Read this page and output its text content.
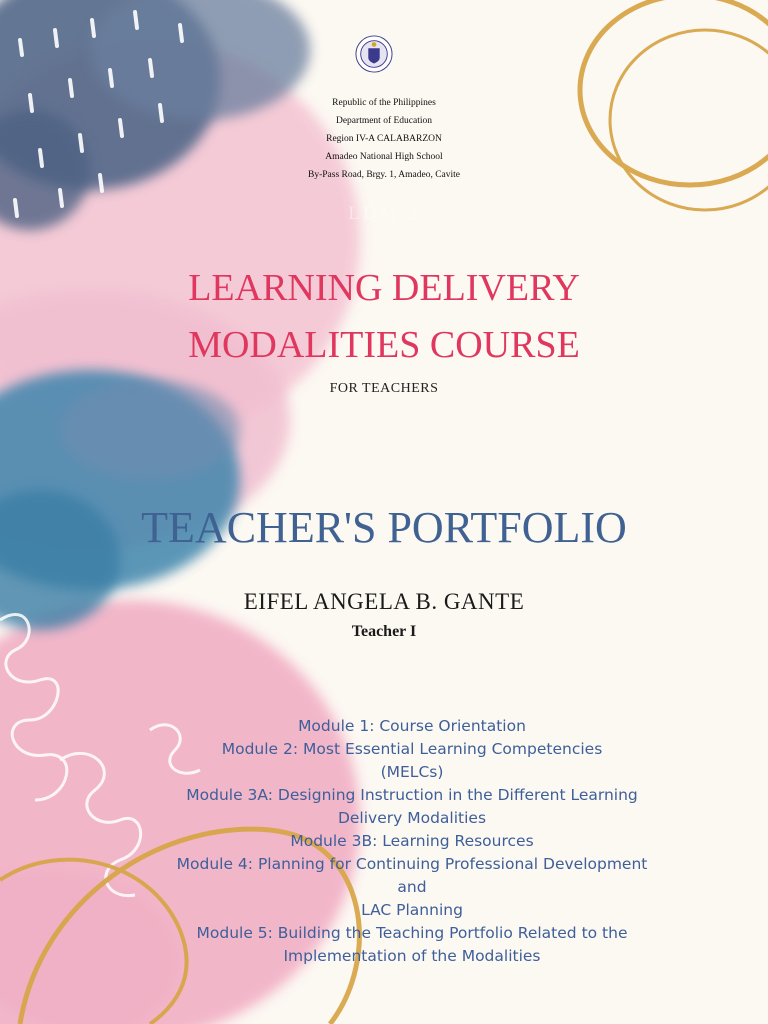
Republic of the Philippines
Department of Education
Region IV-A CALABARZON
Amadeo National High School
By-Pass Road, Brgy. 1, Amadeo, Cavite
LDM 2
LEARNING DELIVERY
MODALITIES COURSE
FOR TEACHERS
TEACHER'S PORTFOLIO
EIFEL ANGELA B. GANTE
Teacher I
Module 1: Course Orientation
Module 2: Most Essential Learning Competencies
(MELCs)
Module 3A: Designing Instruction in the Different Learning
Delivery Modalities
Module 3B: Learning Resources
Module 4: Planning for Continuing Professional Development
and
LAC Planning
Module 5: Building the Teaching Portfolio Related to the
Implementation of the Modalities
